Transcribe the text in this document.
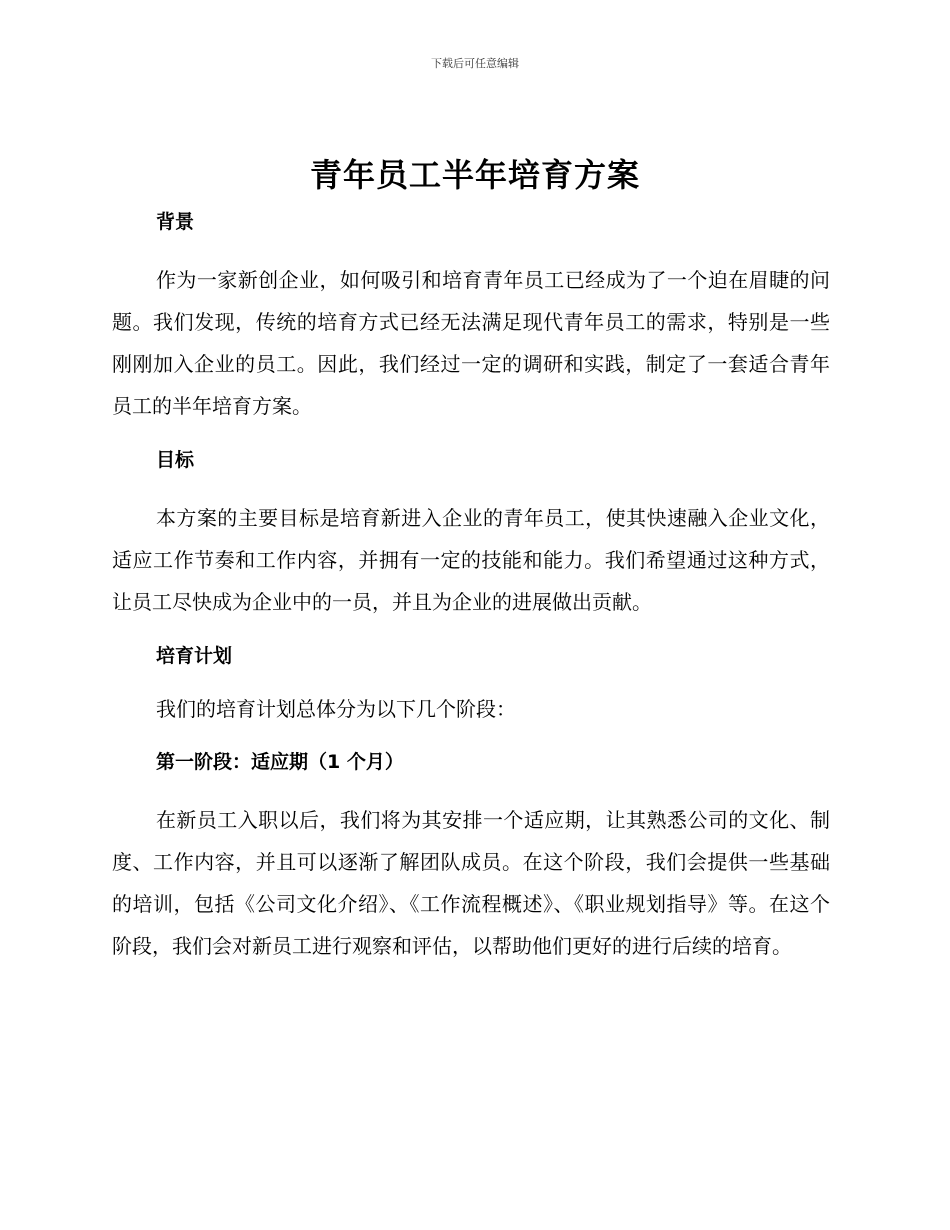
下载后可任意编辑
青年员工半年培育方案
背景

作为一家新创企业，如何吸引和培育青年员工已经成为了一个迫在眉睫的问题。我们发现，传统的培育方式已经无法满足现代青年员工的需求，特别是一些刚刚加入企业的员工。因此，我们经过一定的调研和实践，制定了一套适合青年员工的半年培育方案。

目标

本方案的主要目标是培育新进入企业的青年员工，使其快速融入企业文化，适应工作节奏和工作内容，并拥有一定的技能和能力。我们希望通过这种方式，让员工尽快成为企业中的一员，并且为企业的进展做出贡献。

培育计划

我们的培育计划总体分为以下几个阶段：

第一阶段：适应期（1 个月）

在新员工入职以后，我们将为其安排一个适应期，让其熟悉公司的文化、制度、工作内容，并且可以逐渐了解团队成员。在这个阶段，我们会提供一些基础的培训，包括《公司文化介绍》、《工作流程概述》、《职业规划指导》等。在这个阶段，我们会对新员工进行观察和评估，以帮助他们更好的进行后续的培育。
